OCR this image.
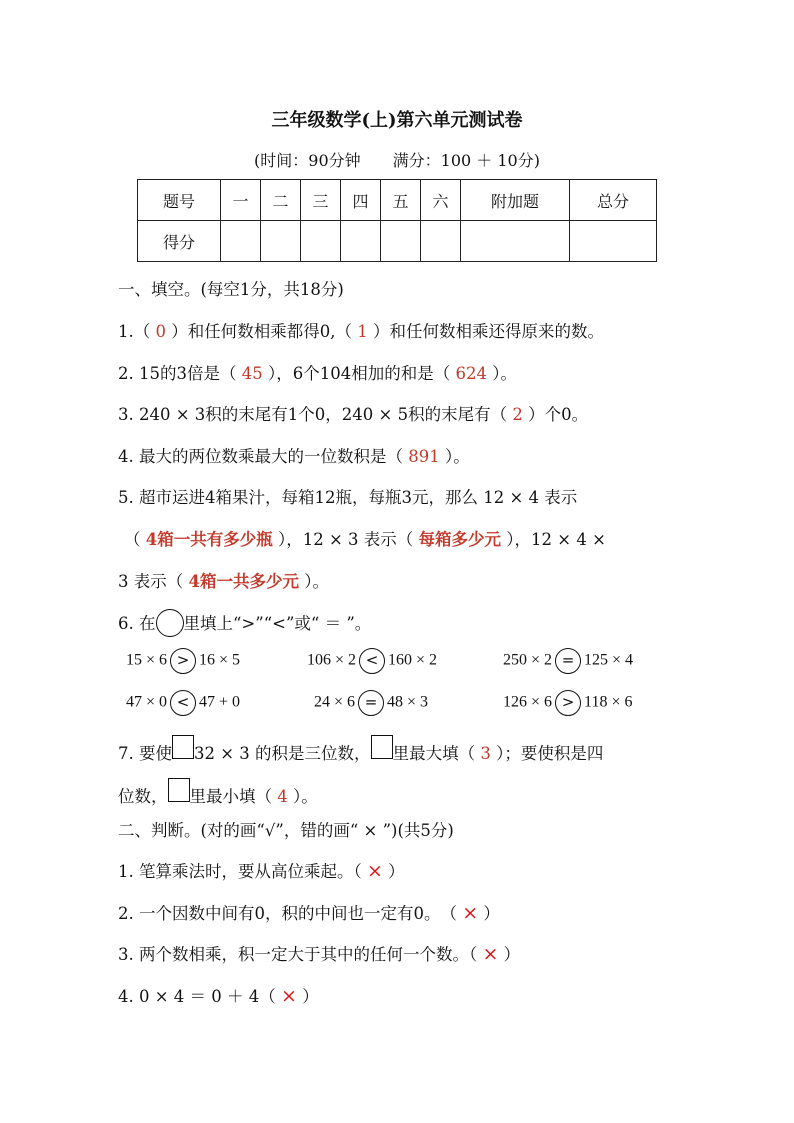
三年级数学(上)第六单元测试卷
(时间：90分钟　　满分：100 ＋ 10分)
题号	一	二	三	四	五	六	附加题	总分
得分								
一、填空。(每空1分，共18分)
1.（ 0 ）和任何数相乘都得0,（ 1 ）和任何数相乘还得原来的数。
2. 15的3倍是（ 45 ），6个104相加的和是（ 624 ）。
3. 240 × 3积的末尾有1个0，240 × 5积的末尾有（ 2 ）个0。
4. 最大的两位数乘最大的一位数积是（ 891 ）。
5. 超市运进4箱果汁，每箱12瓶，每瓶3元，那么 12 × 4 表示
（ 4箱一共有多少瓶 ），12 × 3 表示（ 每箱多少元 ），12 × 4 ×
3 表示（ 4箱一共多少元 ）。
6. 在 里填上“>”“<”或“ ＝ ”。
15 × 6 > 16 × 5	106 × 2 < 160 × 2	250 × 2 = 125 × 4
47 × 0 < 47 + 0	24 × 6 = 48 × 3	126 × 6 > 118 × 6
7. 要使 32 × 3 的积是三位数， 里最大填（ 3 ）；要使积是四
位数， 里最小填（ 4 ）。
二、判断。(对的画“√”，错的画“ × ”)(共5分)
1. 笔算乘法时，要从高位乘起。（ × ）
2. 一个因数中间有0，积的中间也一定有0。　（ × ）
3. 两个数相乘，积一定大于其中的任何一个数。（ × ）
4. 0 × 4 ＝ 0 ＋ 4（ × ）
